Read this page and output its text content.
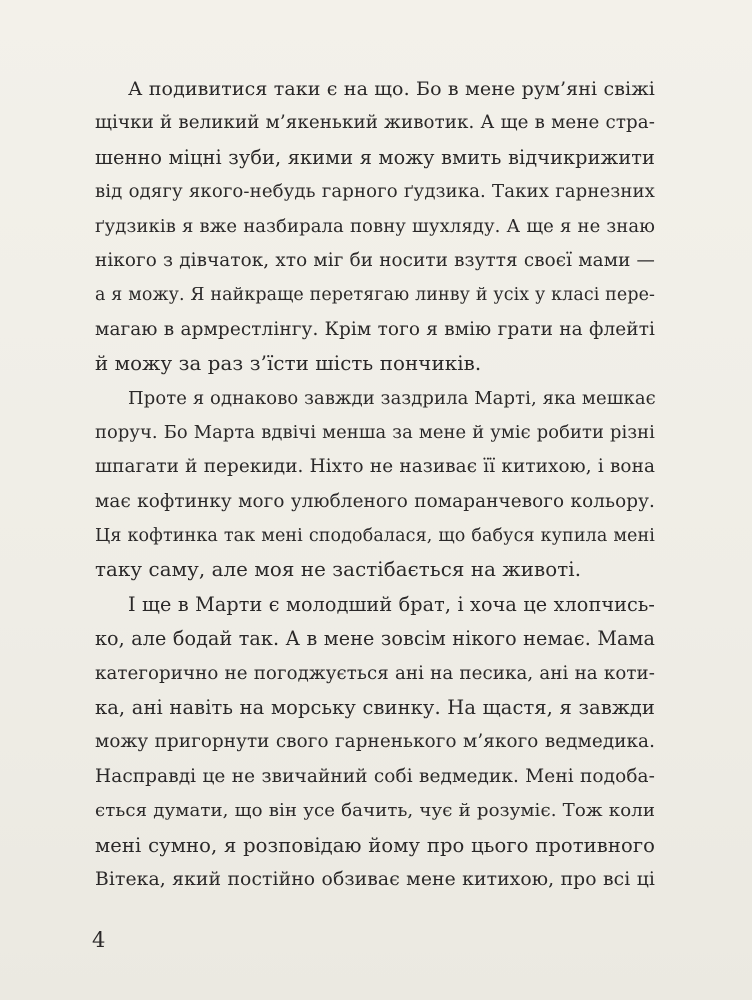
А подивитися таки є на що. Бо в мене рум’яні свіжі
щічки й великий м’якенький животик. А ще в мене стра-
шенно міцні зуби, якими я можу вмить відчикрижити
від одягу якого-небудь гарного ґудзика. Таких гарнезних
ґудзиків я вже назбирала повну шухляду. А ще я не знаю
нікого з дівчаток, хто міг би носити взуття своєї мами —
а я можу. Я найкраще перетягаю линву й усіх у класі пере-
магаю в армрестлінгу. Крім того я вмію грати на флейті
й можу за раз з’їсти шість пончиків.

Проте я однаково завжди заздрила Марті, яка мешкає
поруч. Бо Марта вдвічі менша за мене й уміє робити різні
шпагати й перекиди. Ніхто не називає її китихою, і вона
має кофтинку мого улюбленого помаранчевого кольору.
Ця кофтинка так мені сподобалася, що бабуся купила мені
таку саму, але моя не застібається на животі.

І ще в Марти є молодший брат, і хоча це хлопчись-
ко, але бодай так. А в мене зовсім нікого немає. Мама
категорично не погоджується ані на песика, ані на коти-
ка, ані навіть на морську свинку. На щастя, я завжди
можу пригорнути свого гарненького м’якого ведмедика.
Насправді це не звичайний собі ведмедик. Мені подоба-
ється думати, що він усе бачить, чує й розуміє. Тож коли
мені сумно, я розповідаю йому про цього противного
Вітека, який постійно обзиває мене китихою, про всі ці

4
